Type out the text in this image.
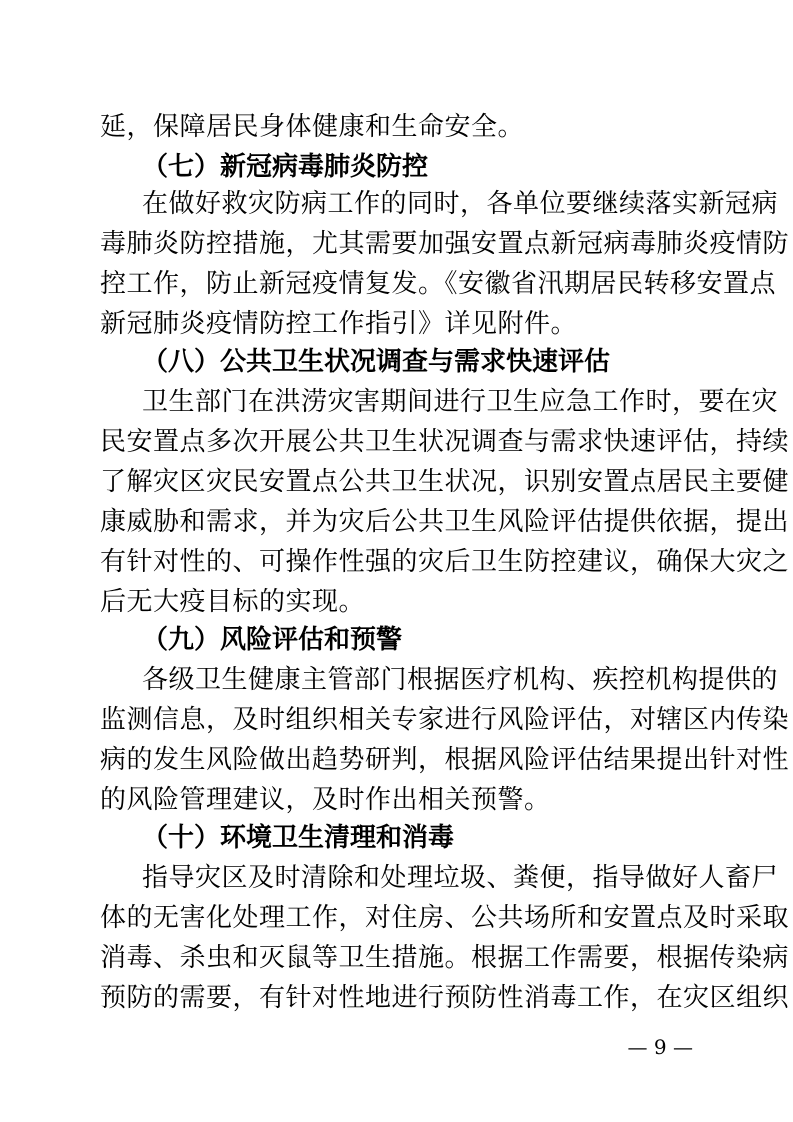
延，保障居民身体健康和生命安全。
（七）新冠病毒肺炎防控
在做好救灾防病工作的同时，各单位要继续落实新冠病
毒肺炎防控措施，尤其需要加强安置点新冠病毒肺炎疫情防
控工作，防止新冠疫情复发。《安徽省汛期居民转移安置点
新冠肺炎疫情防控工作指引》详见附件。
（八）公共卫生状况调查与需求快速评估
卫生部门在洪涝灾害期间进行卫生应急工作时，要在灾
民安置点多次开展公共卫生状况调查与需求快速评估，持续
了解灾区灾民安置点公共卫生状况，识别安置点居民主要健
康威胁和需求，并为灾后公共卫生风险评估提供依据，提出
有针对性的、可操作性强的灾后卫生防控建议，确保大灾之
后无大疫目标的实现。
（九）风险评估和预警
各级卫生健康主管部门根据医疗机构、疾控机构提供的
监测信息，及时组织相关专家进行风险评估，对辖区内传染
病的发生风险做出趋势研判，根据风险评估结果提出针对性
的风险管理建议，及时作出相关预警。
（十）环境卫生清理和消毒
指导灾区及时清除和处理垃圾、粪便，指导做好人畜尸
体的无害化处理工作，对住房、公共场所和安置点及时采取
消毒、杀虫和灭鼠等卫生措施。根据工作需要，根据传染病
预防的需要，有针对性地进行预防性消毒工作，在灾区组织
— 9 —
